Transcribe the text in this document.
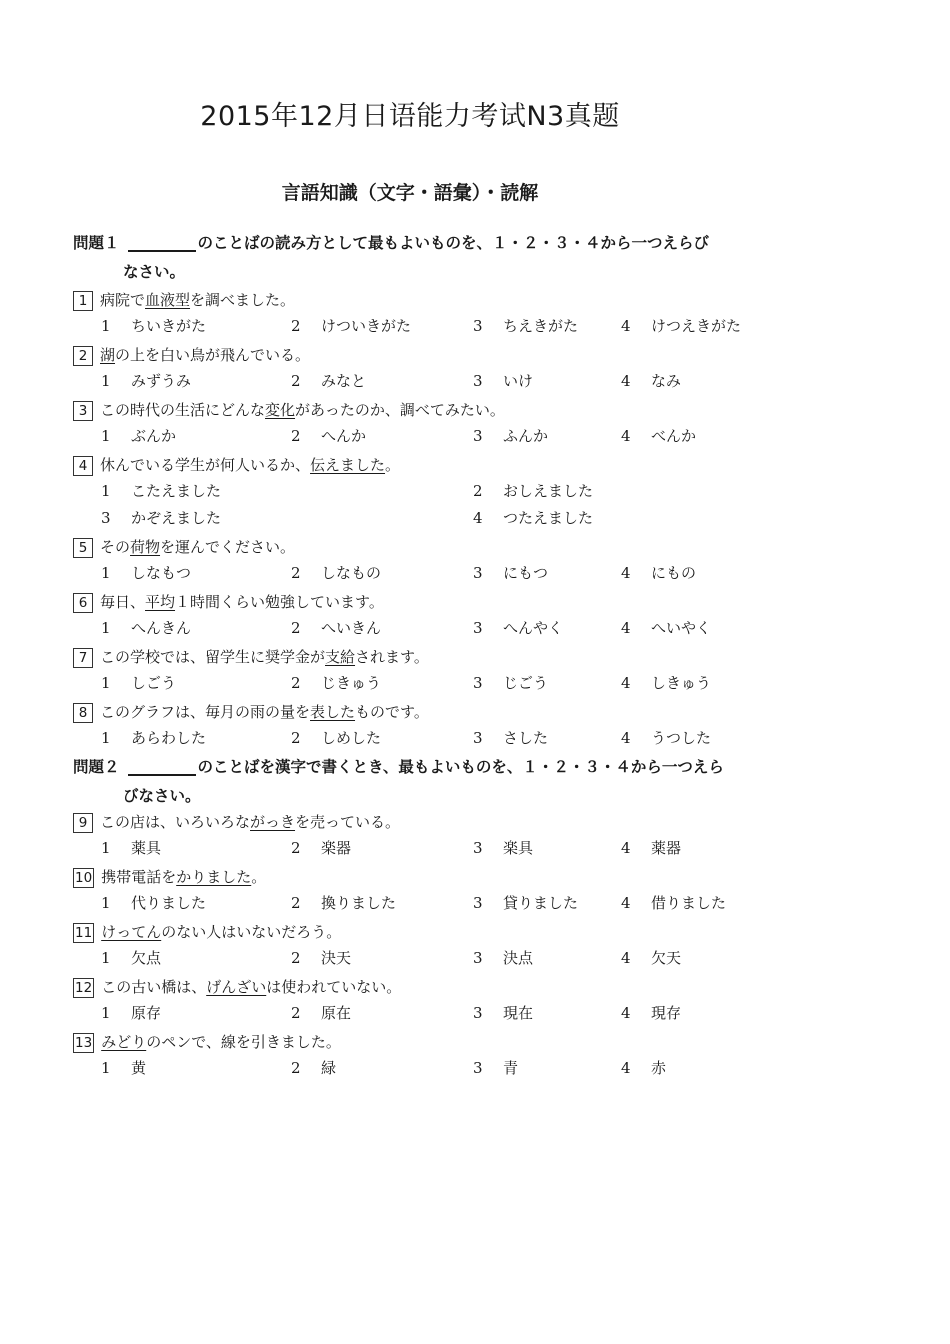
2015年12月日语能力考试N3真题
言語知識（文字・語彙）・読解
問題１	のことばの読み方として最もよいものを、１・２・３・４から一つえらび
なさい。
1 病院で血液型を調べました。
1 ちいきがた	2 けついきがた	3 ちえきがた	4 けつえきがた
2 湖の上を白い鳥が飛んでいる。
1 みずうみ	2 みなと	3 いけ	4 なみ
3 この時代の生活にどんな変化があったのか、調べてみたい。
1 ぶんか	2 へんか	3 ふんか	4 べんか
4 休んでいる学生が何人いるか、伝えました。
1 こたえました	2 おしえました
3 かぞえました	4 つたえました
5 その荷物を運んでください。
1 しなもつ	2 しなもの	3 にもつ	4 にもの
6 毎日、平均１時間くらい勉強しています。
1 へんきん	2 へいきん	3 へんやく	4 へいやく
7 この学校では、留学生に奨学金が支給されます。
1 しごう	2 じきゅう	3 じごう	4 しきゅう
8 このグラフは、毎月の雨の量を表したものです。
1 あらわした	2 しめした	3 さした	4 うつした
問題２	のことばを漢字で書くとき、最もよいものを、１・２・３・４から一つえら
びなさい。
9 この店は、いろいろながっきを売っている。
1 薬具	2 楽器	3 楽具	4 薬器
10 携帯電話をかりました。
1 代りました	2 換りました	3 貸りました	4 借りました
11 けってんのない人はいないだろう。
1 欠点	2 決天	3 決点	4 欠天
12 この古い橋は、げんざいは使われていない。
1 原存	2 原在	3 現在	4 現存
13 みどりのペンで、線を引きました。
1 黄	2 緑	3 青	4 赤
